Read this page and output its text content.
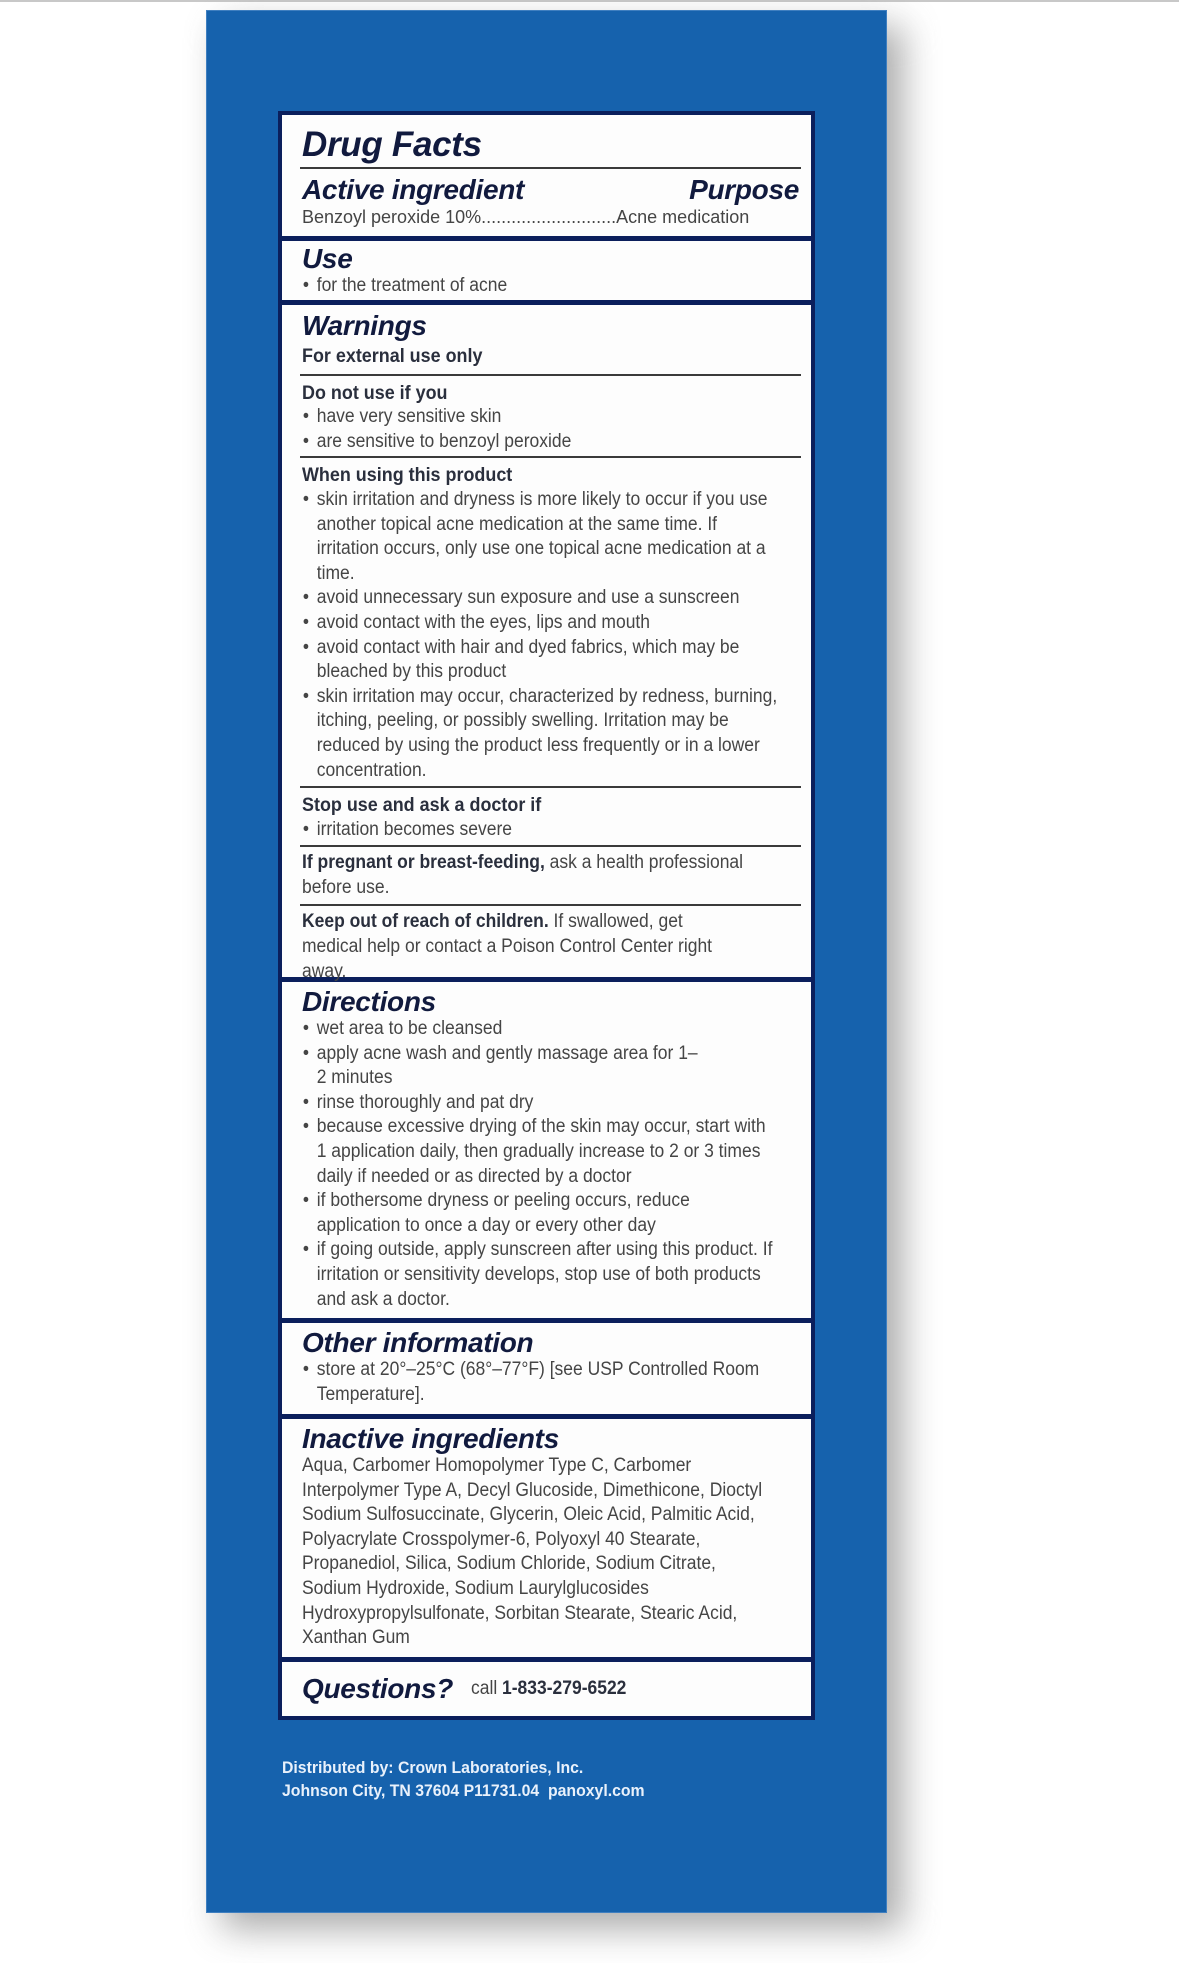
Drug Facts
Active ingredient	Purpose
Benzoyl peroxide 10%...........................Acne medication
Use
• for the treatment of acne
Warnings
For external use only
Do not use if you
• have very sensitive skin
• are sensitive to benzoyl peroxide
When using this product
• skin irritation and dryness is more likely to occur if you use another topical acne medication at the same time. If irritation occurs, only use one topical acne medication at a time.
• avoid unnecessary sun exposure and use a sunscreen
• avoid contact with the eyes, lips and mouth
• avoid contact with hair and dyed fabrics, which may be bleached by this product
• skin irritation may occur, characterized by redness, burning, itching, peeling, or possibly swelling. Irritation may be reduced by using the product less frequently or in a lower concentration.
Stop use and ask a doctor if
• irritation becomes severe
If pregnant or breast-feeding, ask a health professional before use.
Keep out of reach of children. If swallowed, get medical help or contact a Poison Control Center right away.
Directions
• wet area to be cleansed
• apply acne wash and gently massage area for 1–2 minutes
• rinse thoroughly and pat dry
• because excessive drying of the skin may occur, start with 1 application daily, then gradually increase to 2 or 3 times daily if needed or as directed by a doctor
• if bothersome dryness or peeling occurs, reduce application to once a day or every other day
• if going outside, apply sunscreen after using this product. If irritation or sensitivity develops, stop use of both products and ask a doctor.
Other information
• store at 20°–25°C (68°–77°F) [see USP Controlled Room Temperature].
Inactive ingredients
Aqua, Carbomer Homopolymer Type C, Carbomer Interpolymer Type A, Decyl Glucoside, Dimethicone, Dioctyl Sodium Sulfosuccinate, Glycerin, Oleic Acid, Palmitic Acid, Polyacrylate Crosspolymer-6, Polyoxyl 40 Stearate, Propanediol, Silica, Sodium Chloride, Sodium Citrate, Sodium Hydroxide, Sodium Laurylglucosides Hydroxypropylsulfonate, Sorbitan Stearate, Stearic Acid, Xanthan Gum
Questions? call 1-833-279-6522
Distributed by: Crown Laboratories, Inc.
Johnson City, TN 37604 P11731.04  panoxyl.com
